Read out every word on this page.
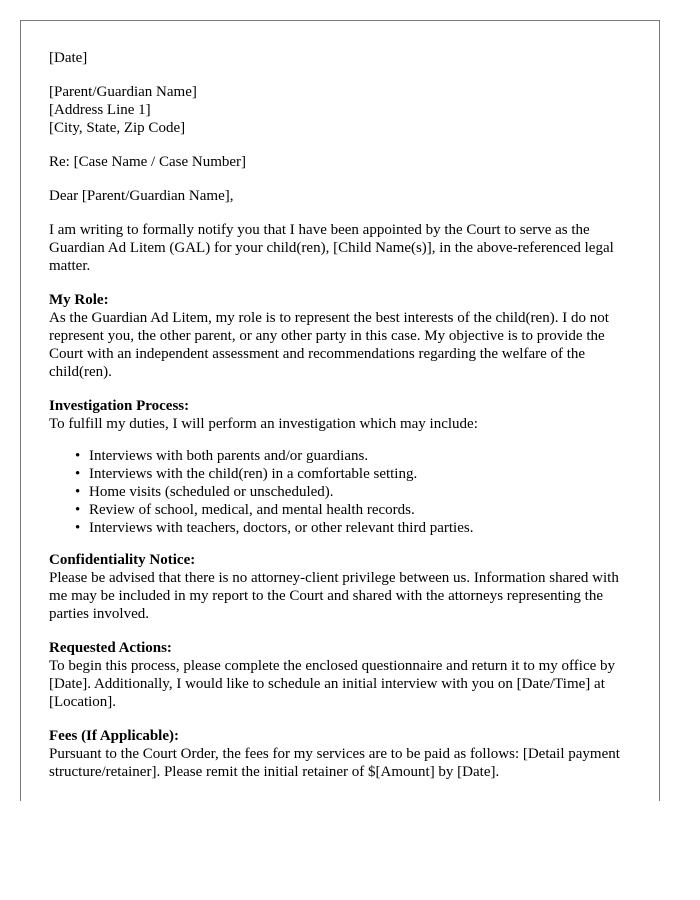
[Date]
[Parent/Guardian Name]
[Address Line 1]
[City, State, Zip Code]
Re: [Case Name / Case Number]
Dear [Parent/Guardian Name],
I am writing to formally notify you that I have been appointed by the Court to serve as the Guardian Ad Litem (GAL) for your child(ren), [Child Name(s)], in the above-referenced legal matter.
My Role:
As the Guardian Ad Litem, my role is to represent the best interests of the child(ren). I do not represent you, the other parent, or any other party in this case. My objective is to provide the Court with an independent assessment and recommendations regarding the welfare of the child(ren).
Investigation Process:
To fulfill my duties, I will perform an investigation which may include:
• Interviews with both parents and/or guardians.
• Interviews with the child(ren) in a comfortable setting.
• Home visits (scheduled or unscheduled).
• Review of school, medical, and mental health records.
• Interviews with teachers, doctors, or other relevant third parties.
Confidentiality Notice:
Please be advised that there is no attorney-client privilege between us. Information shared with me may be included in my report to the Court and shared with the attorneys representing the parties involved.
Requested Actions:
To begin this process, please complete the enclosed questionnaire and return it to my office by [Date]. Additionally, I would like to schedule an initial interview with you on [Date/Time] at [Location].
Fees (If Applicable):
Pursuant to the Court Order, the fees for my services are to be paid as follows: [Detail payment structure/retainer]. Please remit the initial retainer of $[Amount] by [Date].
